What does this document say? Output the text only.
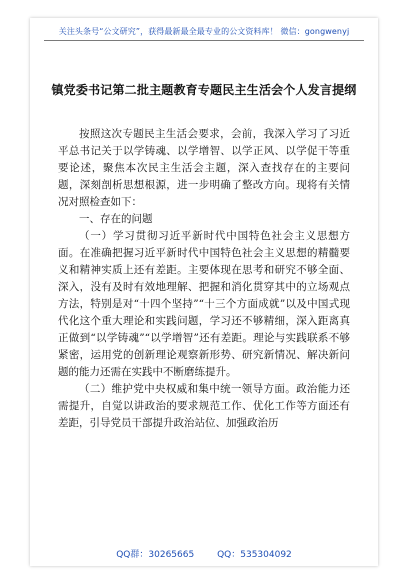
关注头条号“公文研究”，获得最新最全最专业的公文资料库！ 微信：gongwenyj
镇党委书记第二批主题教育专题民主生活会个人发言提纲

按照这次专题民主生活会要求，会前，我深入学习了习近平总书记关于以学铸魂、以学增智、以学正风、以学促干等重要论述，聚焦本次民主生活会主题，深入查找存在的主要问题，深刻剖析思想根源，进一步明确了整改方向。现将有关情况对照检查如下：

一、存在的问题

（一）学习贯彻习近平新时代中国特色社会主义思想方面。在准确把握习近平新时代中国特色社会主义思想的精髓要义和精神实质上还有差距。主要体现在思考和研究不够全面、深入，没有及时有效地理解、把握和消化贯穿其中的立场观点方法，特别是对“十四个坚持”“十三个方面成就”以及中国式现代化这个重大理论和实践问题，学习还不够精细，深入距离真正做到“以学铸魂”“以学增智”还有差距。理论与实践联系不够紧密，运用党的创新理论观察新形势、研究新情况、解决新问题的能力还需在实践中不断磨练提升。

（二）维护党中央权威和集中统一领导方面。政治能力还需提升，自觉以讲政治的要求规范工作、优化工作等方面还有差距，引导党员干部提升政治站位、加强政治历

QQ群：30265665	QQ：535304092
